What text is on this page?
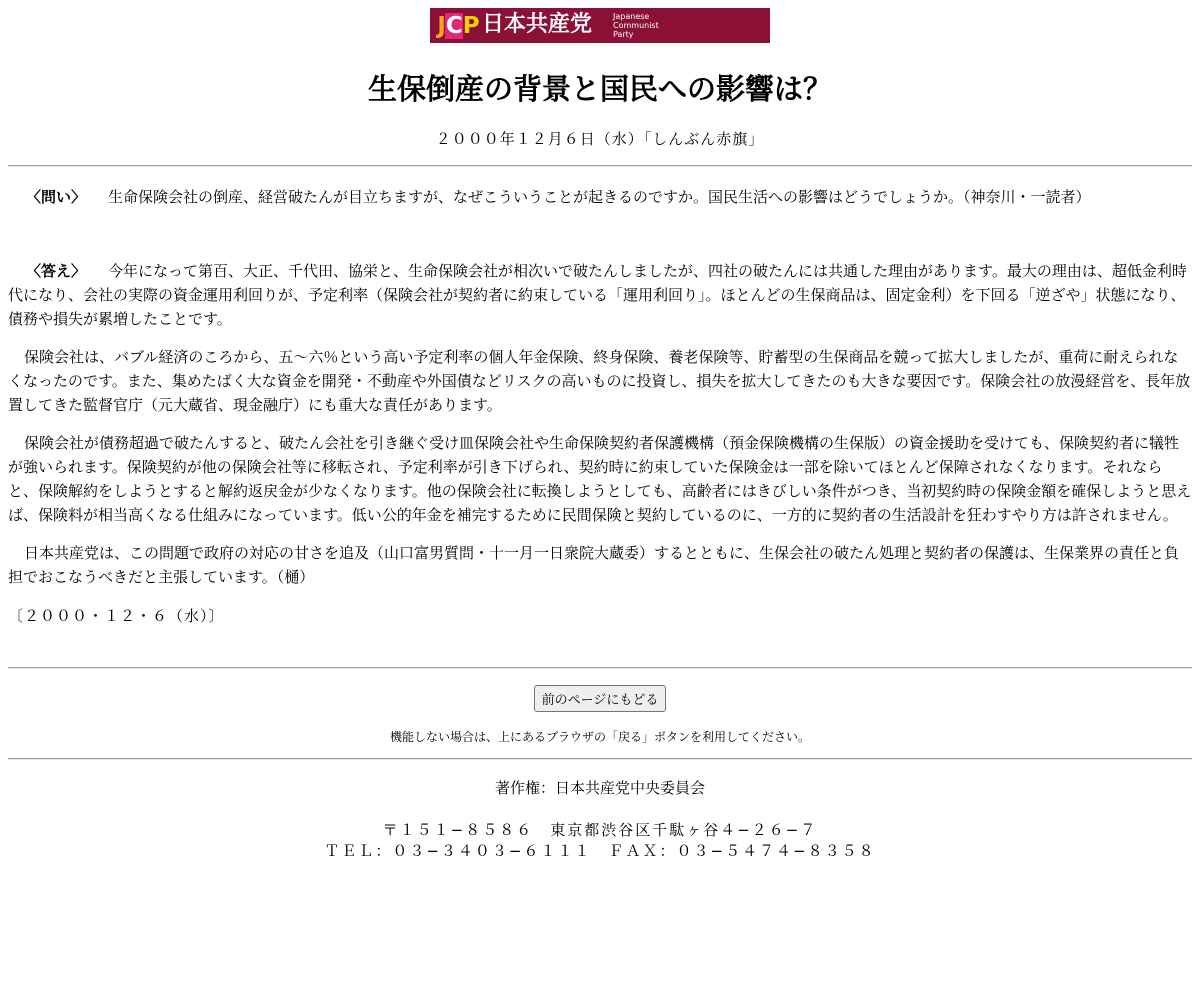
JCP 日本共産党	Japanese
Communist
Party
生保倒産の背景と国民への影響は？
２０００年１２月６日（水）「しんぶん赤旗」
〈問い〉 生命保険会社の倒産、経営破たんが目立ちますが、なぜこういうことが起きるのですか。国民生活への影響はどうでしょうか。（神奈川・一読者）
〈答え〉 今年になって第百、大正、千代田、協栄と、生命保険会社が相次いで破たんしましたが、四社の破たんには共通した理由があります。最大の理由は、超低金利時代になり、会社の実際の資金運用利回りが、予定利率（保険会社が契約者に約束している「運用利回り」。ほとんどの生保商品は、固定金利）を下回る「逆ざや」状態になり、債務や損失が累増したことです。
保険会社は、バブル経済のころから、五〜六％という高い予定利率の個人年金保険、終身保険、養老保険等、貯蓄型の生保商品を競って拡大しましたが、重荷に耐えられなくなったのです。また、集めたばく大な資金を開発・不動産や外国債などリスクの高いものに投資し、損失を拡大してきたのも大きな要因です。保険会社の放漫経営を、長年放置してきた監督官庁（元大蔵省、現金融庁）にも重大な責任があります。
保険会社が債務超過で破たんすると、破たん会社を引き継ぐ受け皿保険会社や生命保険契約者保護機構（預金保険機構の生保版）の資金援助を受けても、保険契約者に犠牲が強いられます。保険契約が他の保険会社等に移転され、予定利率が引き下げられ、契約時に約束していた保険金は一部を除いてほとんど保障されなくなります。それならと、保険解約をしようとすると解約返戻金が少なくなります。他の保険会社に転換しようとしても、高齢者にはきびしい条件がつき、当初契約時の保険金額を確保しようと思えば、保険料が相当高くなる仕組みになっています。低い公的年金を補完するために民間保険と契約しているのに、一方的に契約者の生活設計を狂わすやり方は許されません。
日本共産党は、この問題で政府の対応の甘さを追及（山口富男質問・十一月一日衆院大蔵委）するとともに、生保会社の破たん処理と契約者の保護は、生保業界の責任と負担でおこなうべきだと主張しています。（樋）
〔２０００・１２・６（水）〕
前のページにもどる
機能しない場合は、上にあるブラウザの「戻る」ボタンを利用してください。
著作権：日本共産党中央委員会
〒１５１−８５８６　東京都渋谷区千駄ヶ谷４−２６−７
ＴＥＬ：０３−３４０３−６１１１　ＦＡＸ：０３−５４７４−８３５８
